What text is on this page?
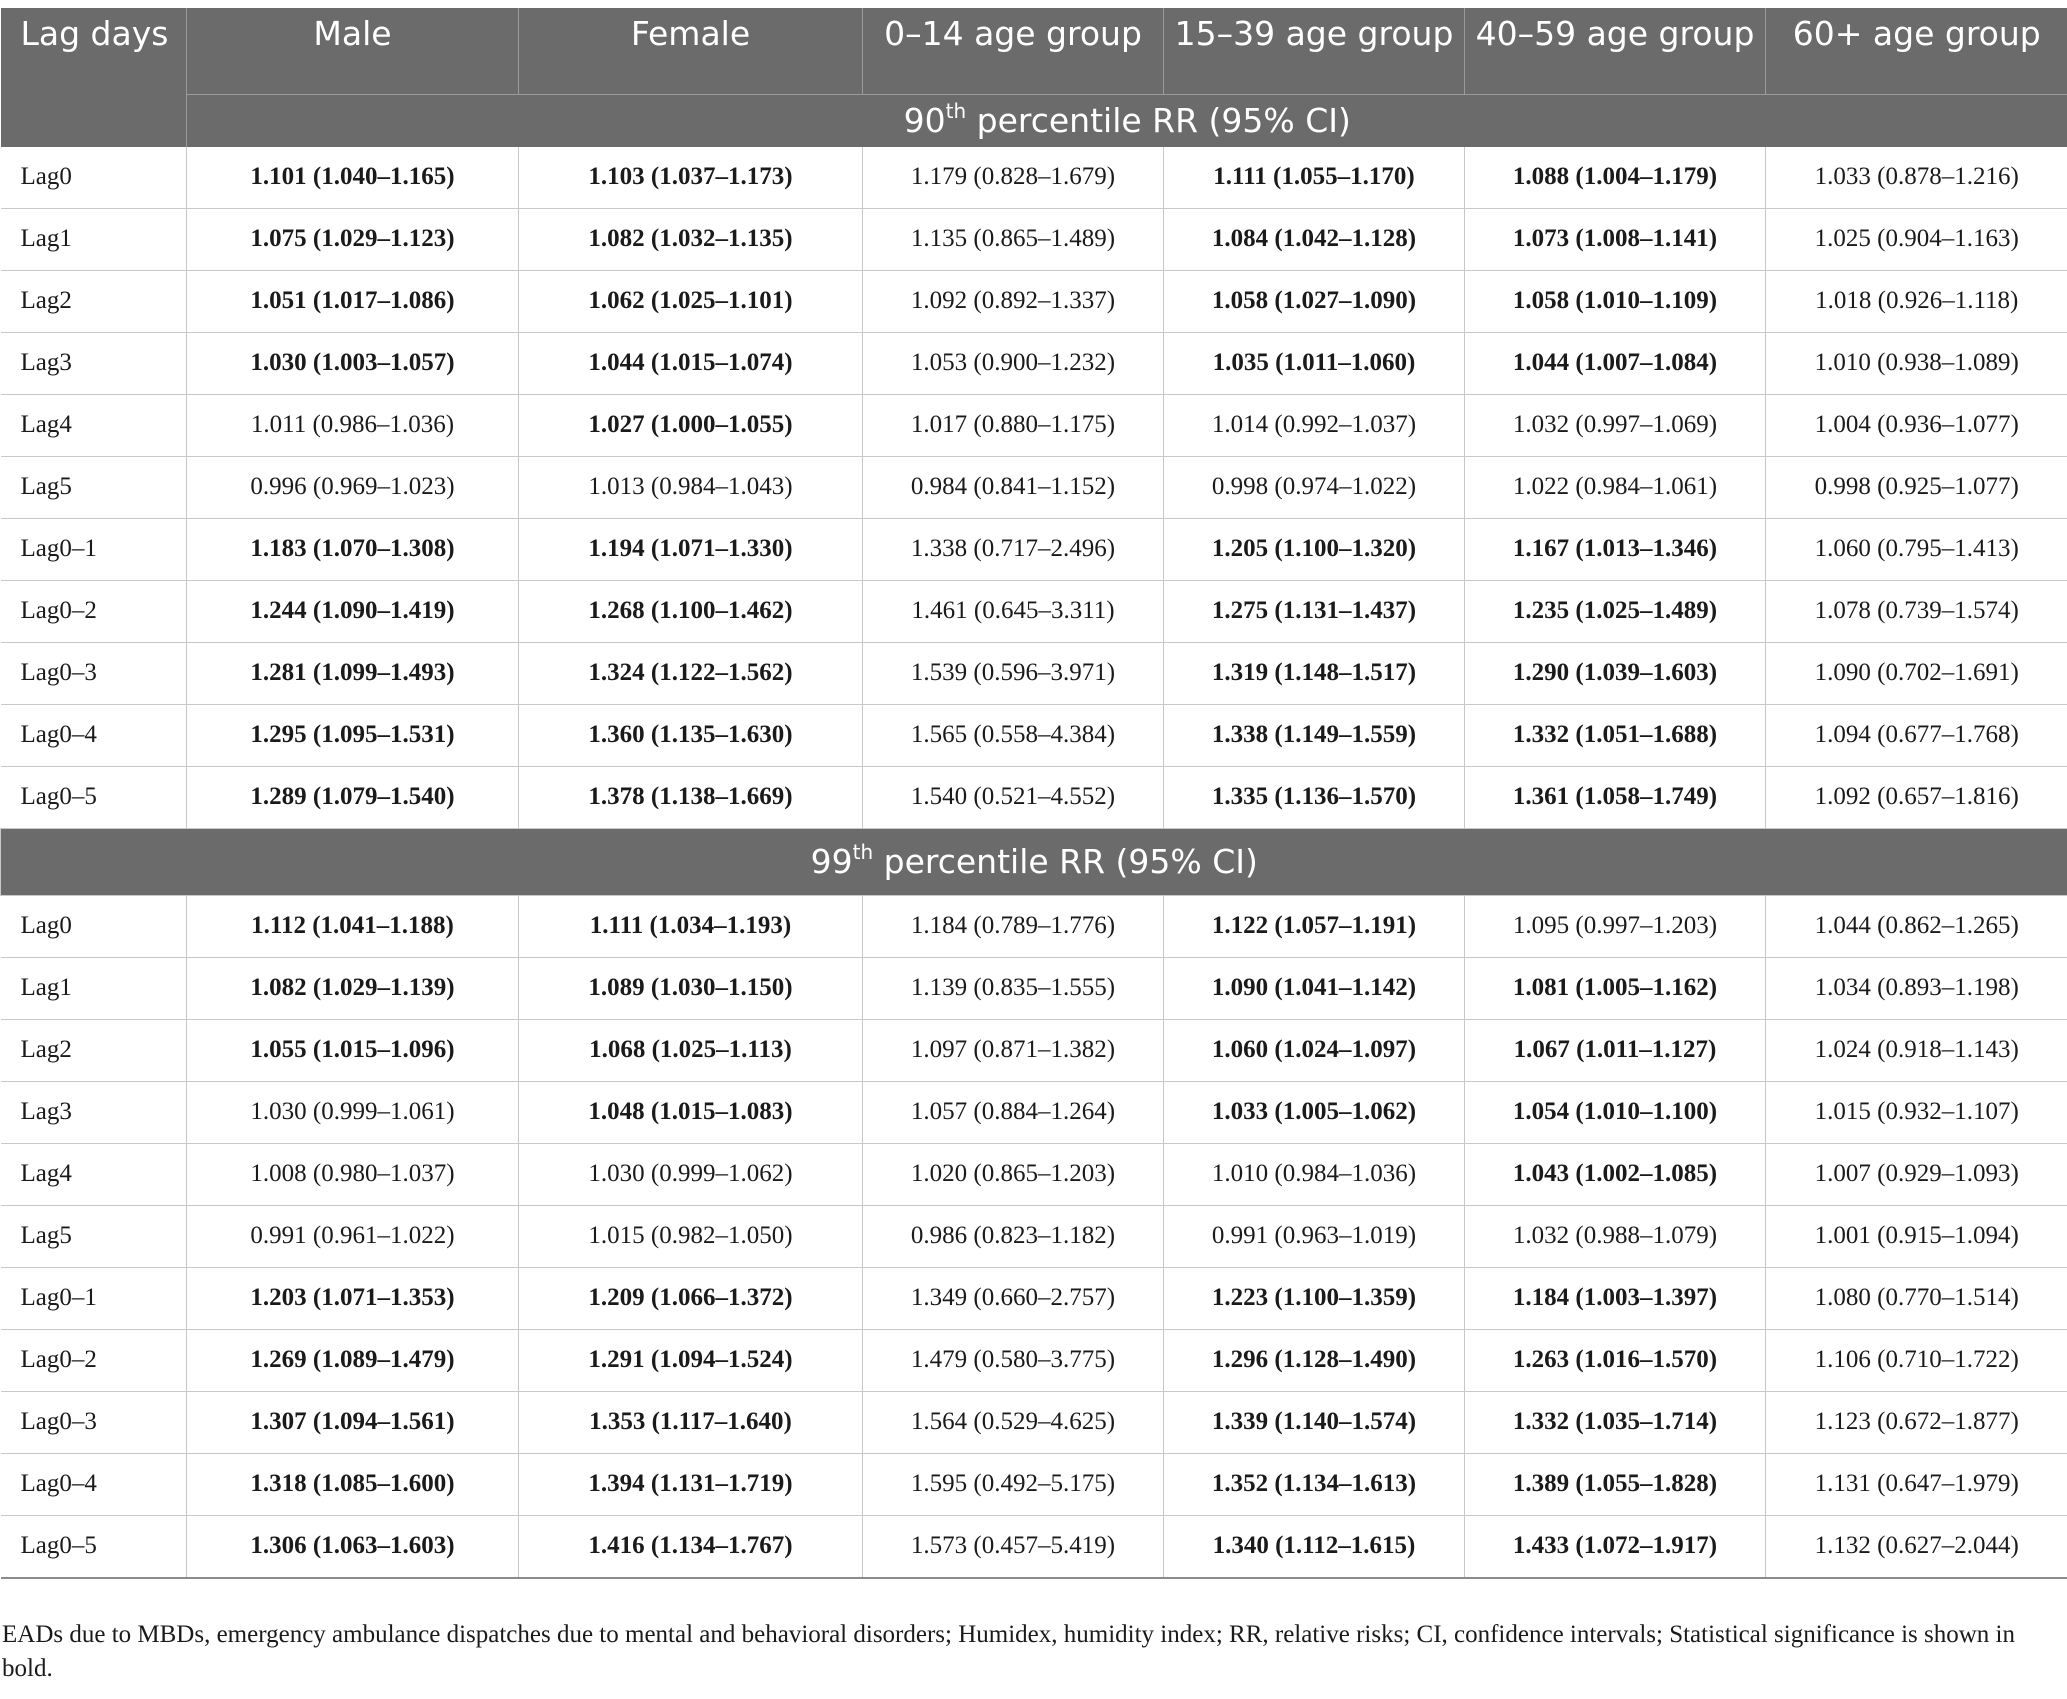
Lag days	Male	Female	0–14 age group	15–39 age group	40–59 age group	60+ age group
	90th percentile RR (95% CI)					
Lag0	1.101 (1.040–1.165)	1.103 (1.037–1.173)	1.179 (0.828–1.679)	1.111 (1.055–1.170)	1.088 (1.004–1.179)	1.033 (0.878–1.216)
Lag1	1.075 (1.029–1.123)	1.082 (1.032–1.135)	1.135 (0.865–1.489)	1.084 (1.042–1.128)	1.073 (1.008–1.141)	1.025 (0.904–1.163)
Lag2	1.051 (1.017–1.086)	1.062 (1.025–1.101)	1.092 (0.892–1.337)	1.058 (1.027–1.090)	1.058 (1.010–1.109)	1.018 (0.926–1.118)
Lag3	1.030 (1.003–1.057)	1.044 (1.015–1.074)	1.053 (0.900–1.232)	1.035 (1.011–1.060)	1.044 (1.007–1.084)	1.010 (0.938–1.089)
Lag4	1.011 (0.986–1.036)	1.027 (1.000–1.055)	1.017 (0.880–1.175)	1.014 (0.992–1.037)	1.032 (0.997–1.069)	1.004 (0.936–1.077)
Lag5	0.996 (0.969–1.023)	1.013 (0.984–1.043)	0.984 (0.841–1.152)	0.998 (0.974–1.022)	1.022 (0.984–1.061)	0.998 (0.925–1.077)
Lag0–1	1.183 (1.070–1.308)	1.194 (1.071–1.330)	1.338 (0.717–2.496)	1.205 (1.100–1.320)	1.167 (1.013–1.346)	1.060 (0.795–1.413)
Lag0–2	1.244 (1.090–1.419)	1.268 (1.100–1.462)	1.461 (0.645–3.311)	1.275 (1.131–1.437)	1.235 (1.025–1.489)	1.078 (0.739–1.574)
Lag0–3	1.281 (1.099–1.493)	1.324 (1.122–1.562)	1.539 (0.596–3.971)	1.319 (1.148–1.517)	1.290 (1.039–1.603)	1.090 (0.702–1.691)
Lag0–4	1.295 (1.095–1.531)	1.360 (1.135–1.630)	1.565 (0.558–4.384)	1.338 (1.149–1.559)	1.332 (1.051–1.688)	1.094 (0.677–1.768)
Lag0–5	1.289 (1.079–1.540)	1.378 (1.138–1.669)	1.540 (0.521–4.552)	1.335 (1.136–1.570)	1.361 (1.058–1.749)	1.092 (0.657–1.816)
99th percentile RR (95% CI)						
Lag0	1.112 (1.041–1.188)	1.111 (1.034–1.193)	1.184 (0.789–1.776)	1.122 (1.057–1.191)	1.095 (0.997–1.203)	1.044 (0.862–1.265)
Lag1	1.082 (1.029–1.139)	1.089 (1.030–1.150)	1.139 (0.835–1.555)	1.090 (1.041–1.142)	1.081 (1.005–1.162)	1.034 (0.893–1.198)
Lag2	1.055 (1.015–1.096)	1.068 (1.025–1.113)	1.097 (0.871–1.382)	1.060 (1.024–1.097)	1.067 (1.011–1.127)	1.024 (0.918–1.143)
Lag3	1.030 (0.999–1.061)	1.048 (1.015–1.083)	1.057 (0.884–1.264)	1.033 (1.005–1.062)	1.054 (1.010–1.100)	1.015 (0.932–1.107)
Lag4	1.008 (0.980–1.037)	1.030 (0.999–1.062)	1.020 (0.865–1.203)	1.010 (0.984–1.036)	1.043 (1.002–1.085)	1.007 (0.929–1.093)
Lag5	0.991 (0.961–1.022)	1.015 (0.982–1.050)	0.986 (0.823–1.182)	0.991 (0.963–1.019)	1.032 (0.988–1.079)	1.001 (0.915–1.094)
Lag0–1	1.203 (1.071–1.353)	1.209 (1.066–1.372)	1.349 (0.660–2.757)	1.223 (1.100–1.359)	1.184 (1.003–1.397)	1.080 (0.770–1.514)
Lag0–2	1.269 (1.089–1.479)	1.291 (1.094–1.524)	1.479 (0.580–3.775)	1.296 (1.128–1.490)	1.263 (1.016–1.570)	1.106 (0.710–1.722)
Lag0–3	1.307 (1.094–1.561)	1.353 (1.117–1.640)	1.564 (0.529–4.625)	1.339 (1.140–1.574)	1.332 (1.035–1.714)	1.123 (0.672–1.877)
Lag0–4	1.318 (1.085–1.600)	1.394 (1.131–1.719)	1.595 (0.492–5.175)	1.352 (1.134–1.613)	1.389 (1.055–1.828)	1.131 (0.647–1.979)
Lag0–5	1.306 (1.063–1.603)	1.416 (1.134–1.767)	1.573 (0.457–5.419)	1.340 (1.112–1.615)	1.433 (1.072–1.917)	1.132 (0.627–2.044)
EADs due to MBDs, emergency ambulance dispatches due to mental and behavioral disorders; Humidex, humidity index; RR, relative risks; CI, confidence intervals; Statistical significance is shown in bold.
